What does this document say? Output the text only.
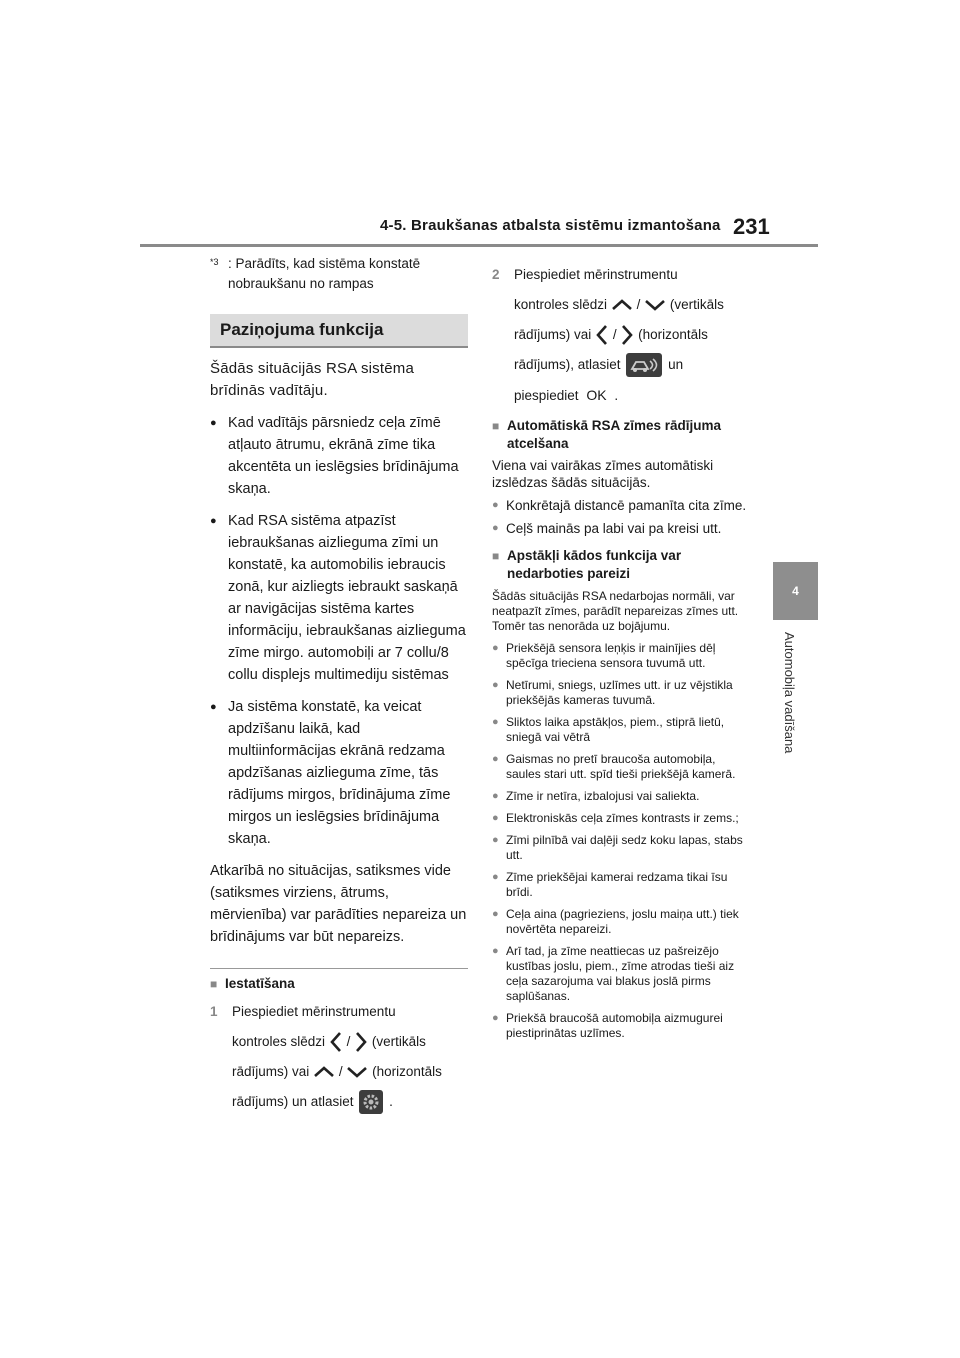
4-5. Braukšanas atbalsta sistēmu izmantošana 231
4
Automobiļa vadīšana
*3 : Parādīts, kad sistēma konstatē nobraukšanu no rampas
Paziņojuma funkcija
Šādās situācijās RSA sistēma brīdinās vadītāju.
● Kad vadītājs pārsniedz ceļa zīmē atļauto ātrumu, ekrānā zīme tika akcentēta un ieslēgsies brīdinājuma skaņa.
● Kad RSA sistēma atpazīst iebraukšanas aizlieguma zīmi un konstatē, ka automobilis iebraucis zonā, kur aizliegts iebraukt saskaņā ar navigācijas sistēma kartes informāciju, iebraukšanas aizlieguma zīme mirgo. automobiļi ar 7 collu/8 collu displejs multimediju sistēmas
● Ja sistēma konstatē, ka veicat apdzīšanu laikā, kad multiinformācijas ekrānā redzama apdzīšanas aizlieguma zīme, tās rādījums mirgos, brīdinājuma zīme mirgos un ieslēgsies brīdinājuma skaņa.
Atkarībā no situācijas, satiksmes vide (satiksmes virziens, ātrums, mērvienība) var parādīties nepareiza un brīdinājums var būt nepareizs.
■ Iestatīšana
1 Piespiediet mērinstrumentu
kontroles slēdzi / (vertikāls
rādījums) vai / (horizontāls
rādījums) un atlasiet	.
2 Piespiediet mērinstrumentu
kontroles slēdzi / (vertikāls
rādījums) vai / (horizontāls
rādījums), atlasiet	un
piespiediet OK .
■ Automātiskā RSA zīmes rādījuma atcelšana
Viena vai vairākas zīmes automātiski izslēdzas šādās situācijās.
● Konkrētajā distancē pamanīta cita zīme.
● Ceļš mainās pa labi vai pa kreisi utt.
■ Apstākļi kādos funkcija var nedarboties pareizi
Šādās situācijās RSA nedarbojas normāli, var neatpazīt zīmes, parādīt nepareizas zīmes utt. Tomēr tas nenorāda uz bojājumu.
● Priekšējā sensora leņķis ir mainījies dēļ spēcīga trieciena sensora tuvumā utt.
● Netīrumi, sniegs, uzlīmes utt. ir uz vējstikla priekšējās kameras tuvumā.
● Sliktos laika apstākļos, piem., stiprā lietū, sniegā vai vētrā
● Gaismas no pretī braucoša automobiļa, saules stari utt. spīd tieši priekšējā kamerā.
● Zīme ir netīra, izbalojusi vai saliekta.
● Elektroniskās ceļa zīmes kontrasts ir zems.;
● Zīmi pilnībā vai daļēji sedz koku lapas, stabs utt.
● Zīme priekšējai kamerai redzama tikai īsu brīdi.
● Ceļa aina (pagrieziens, joslu maiņa utt.) tiek novērtēta nepareizi.
● Arī tad, ja zīme neattiecas uz pašreizējo kustības joslu, piem., zīme atrodas tieši aiz ceļa sazarojuma vai blakus joslā pirms saplūšanas.
● Priekšā braucošā automobiļa aizmugurei piestiprinātas uzlīmes.
